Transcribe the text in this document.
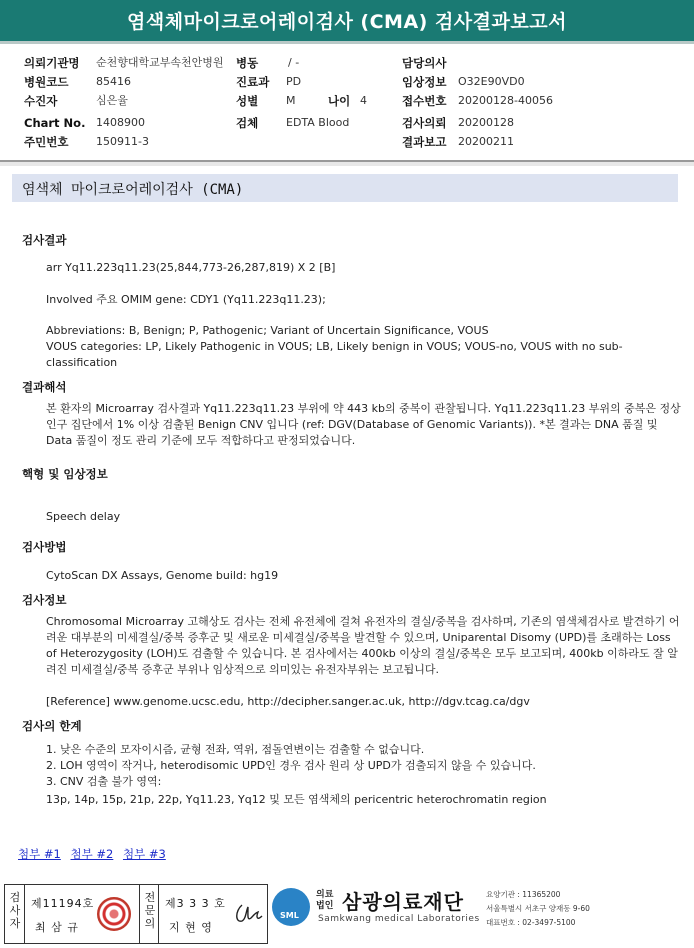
염색체마이크로어레이검사 (CMA) 검사결과보고서
의뢰기관명 순천향대학교부속천안병원 병동	/ -	담당의사
병원코드	85416	진료과 PD	임상정보 O32E90VD0
수진자	심은율	성별	M	나이 4	접수번호 20200128-40056
Chart No. 1408900	검체	EDTA Blood	검사의뢰 20200128
주민번호	150911-3	결과보고 20200211
염색체 마이크로어레이검사 (CMA)
검사결과
arr Yq11.223q11.23(25,844,773-26,287,819) X 2 [B]
Involved 주요 OMIM gene: CDY1 (Yq11.223q11.23);
Abbreviations: B, Benign; P, Pathogenic; Variant of Uncertain Significance, VOUS
VOUS categories: LP, Likely Pathogenic in VOUS; LB, Likely benign in VOUS; VOUS-no, VOUS with no sub-classification
결과해석
본 환자의 Microarray 검사결과 Yq11.223q11.23 부위에 약 443 kb의 중복이 관찰됩니다. Yq11.223q11.23 부위의 중복은 정상 인구 집단에서 1% 이상 검출된 Benign CNV 입니다 (ref: DGV(Database of Genomic Variants)). *본 결과는 DNA 품질 및 Data 품질이 정도 관리 기준에 모두 적합하다고 판정되었습니다.
핵형 및 임상정보
Speech delay
검사방법
CytoScan DX Assays, Genome build: hg19
검사정보
Chromosomal Microarray 고해상도 검사는 전체 유전체에 걸쳐 유전자의 결실/중복을 검사하며, 기존의 염색체검사로 발견하기 어려운 대부분의 미세결실/중복 증후군 및 새로운 미세결실/중복을 발견할 수 있으며, Uniparental Disomy (UPD)를 초래하는 Loss of Heterozygosity (LOH)도 검출할 수 있습니다. 본 검사에서는 400kb 이상의 결실/중복은 모두 보고되며, 400kb 이하라도 잘 알려진 미세결실/중복 증후군 부위나 임상적으로 의미있는 유전자부위는 보고됩니다.
[Reference] www.genome.ucsc.edu, http://decipher.sanger.ac.uk, http://dgv.tcag.ca/dgv
검사의 한계
1. 낮은 수준의 모자이시즘, 균형 전좌, 역위, 점돌연변이는 검출할 수 없습니다.
2. LOH 영역이 작거나, heterodisomic UPD인 경우 검사 원리 상 UPD가 검출되지 않을 수 있습니다.
3. CNV 검출 불가 영역:
13p, 14p, 15p, 21p, 22p, Yq11.23, Yq12 및 모든 염색체의 pericentric heterochromatin region
첨부 #1 첨부 #2 첨부 #3
검사자
제11194호
최 삼 규
전문의
제3 3 3 호
지 현 영
SML
의료
법인 삼광의료재단
Samkwang medical Laboratories
요양기관 : 11365200
서울특별시 서초구 양재동 9-60
대표번호 : 02-3497-5100
